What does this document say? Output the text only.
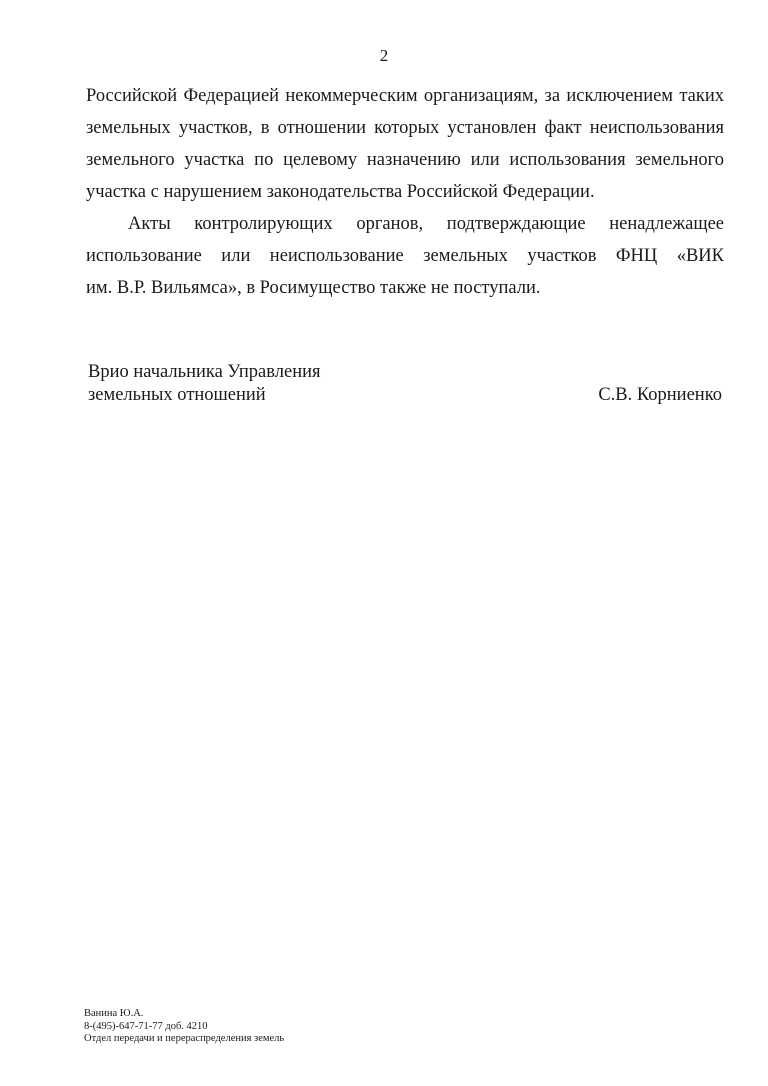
2
Российской Федерацией некоммерческим организациям, за исключением таких
земельных участков, в отношении которых установлен факт неиспользования
земельного участка по целевому назначению или использования земельного
участка с нарушением законодательства Российской Федерации.
Акты контролирующих органов, подтверждающие ненадлежащее
использование или неиспользование земельных участков ФНЦ «ВИК
им. В.Р. Вильямса», в Росимущество также не поступали.
Врио начальника Управления
земельных отношений	С.В. Корниенко
Ванина Ю.А.
8-(495)-647-71-77 доб. 4210
Отдел передачи и перераспределения земель
